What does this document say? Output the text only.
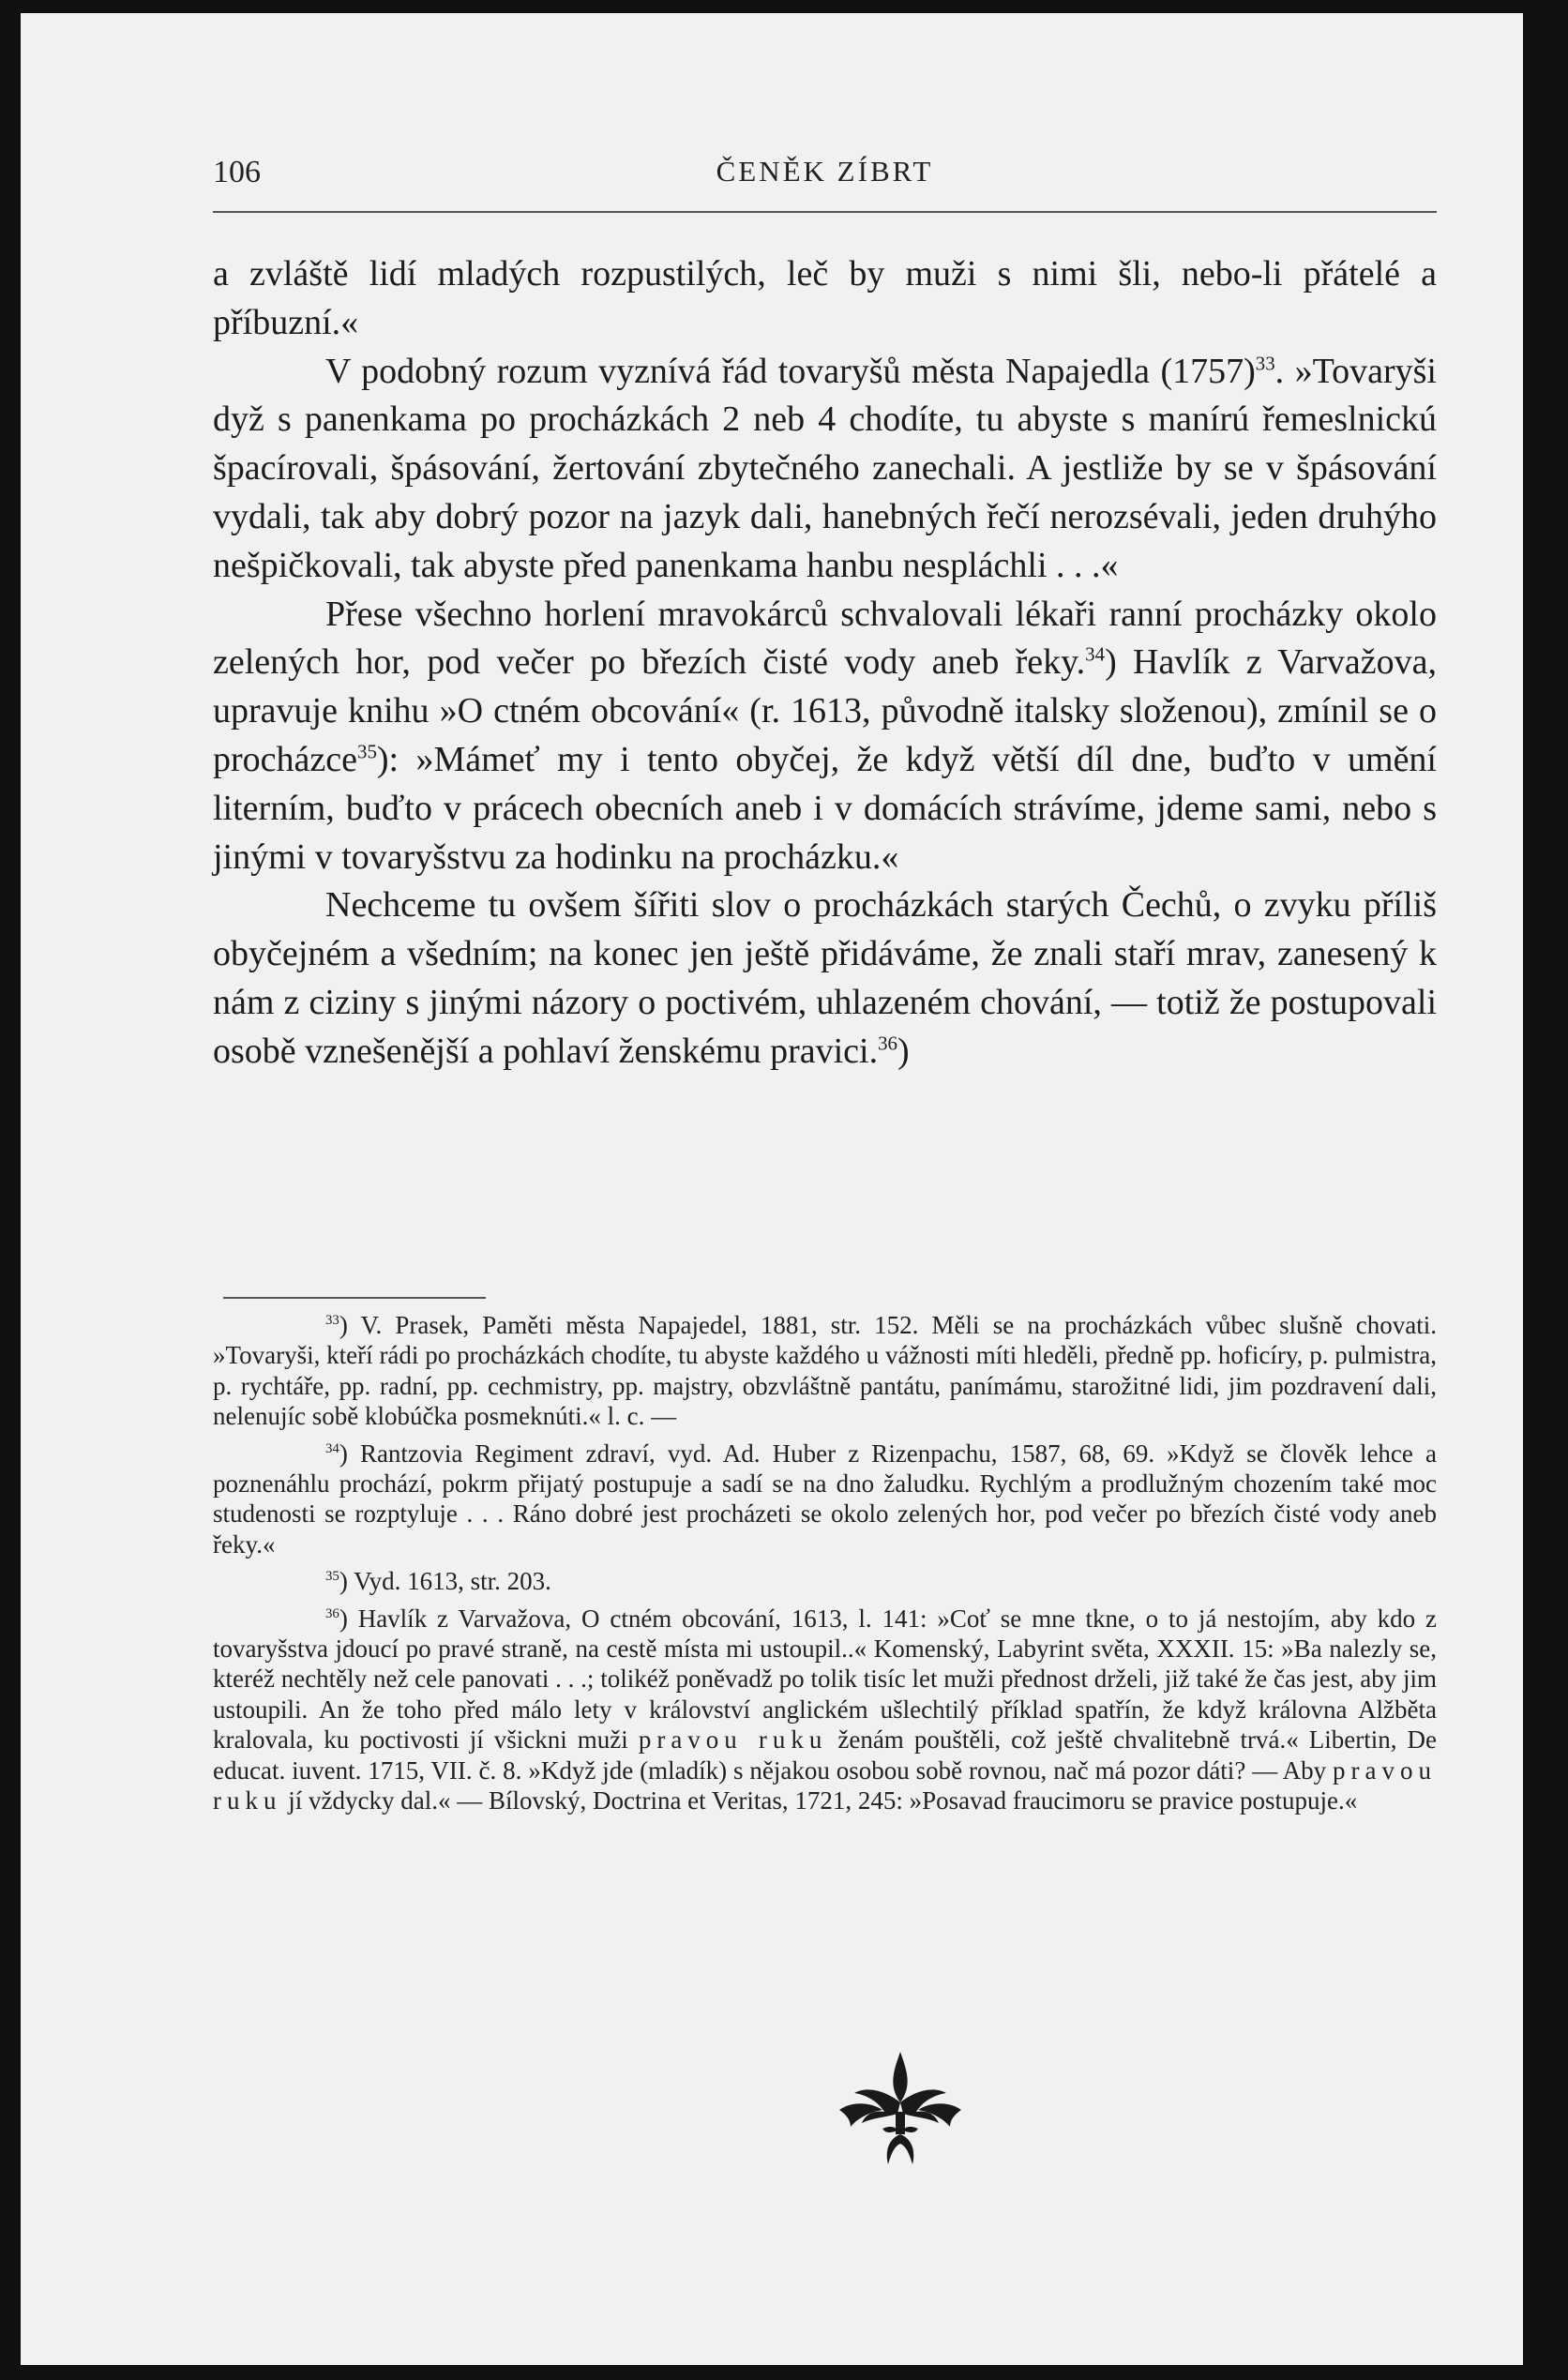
106	ČENĚK ZÍBRT

a zvláště lidí mladých rozpustilých, leč by muži s nimi šli, nebo-li přátelé a příbuzní.«

V podobný rozum vyznívá řád tovaryšů města Napajedla $(1757)^{33}$. »Tovaryši dyž s panenkama po procházkách 2 neb 4 chodíte, tu abyste s manírú řemeslnickú špacírovali, špásování, žertování zbytečného zanechali. A jestliže by se v špásování vydali, tak aby dobrý pozor na jazyk dali, hanebných řečí nerozsévali, jeden druhýho nešpičkovali, tak abyste před panenkama hanbu nespláchli . . .«

Přese všechno horlení mravokárců schvalovali lékaři ranní procházky okolo zelených hor, pod večer po březích čisté vody aneb řeky.$^{34}$) Havlík z Varvažova, upravuje knihu »O ctném obcování« (r. 1613, původně italsky složenou), zmínil se o procházce$^{35}$): »Mámeť my i tento obyčej, že když větší díl dne, buďto v umění literním, buďto v prácech obecních aneb i v domácích strávíme, jdeme sami, nebo s jinými v tovaryšstvu za hodinku na procházku.«

Nechceme tu ovšem šířiti slov o procházkách starých Čechů, o zvyku příliš obyčejném a všedním; na konec jen ještě přidáváme, že znali staří mrav, zanesený k nám z ciziny s jinými názory o poctivém, uhlazeném chování, — totiž že postupovali osobě vznešenější a pohlaví ženskému pravici.$^{36}$)

$^{33}$) V. Prasek, Paměti města Napajedel, 1881, str. 152. Měli se na procházkách vůbec slušně chovati. »Tovaryši, kteří rádi po procházkách chodíte, tu abyste každého u vážnosti míti hleděli, předně pp. hoficíry, p. pulmistra, p. rychtáře, pp. radní, pp. cechmistry, pp. majstry, obzvláštně pantátu, panímámu, starožitné lidi, jim pozdravení dali, nelenujíc sobě klobúčka posmeknúti.« l. c. —

$^{34}$) Rantzovia Regiment zdraví, vyd. Ad. Huber z Rizenpachu, 1587, 68, 69. »Když se člověk lehce a poznenáhlu prochází, pokrm přijatý postupuje a sadí se na dno žaludku. Rychlým a prodlužným chozením také moc studenosti se rozptyluje . . . Ráno dobré jest procházeti se okolo zelených hor, pod večer po březích čisté vody aneb řeky.«

$^{35}$) Vyd. 1613, str. 203.

$^{36}$) Havlík z Varvažova, O ctném obcování, 1613, l. 141: »Coť se mne tkne, o to já nestojím, aby kdo z tovaryšstva jdoucí po pravé straně, na cestě místa mi ustoupil..« Komenský, Labyrint světa, XXXII. 15: »Ba nalezly se, kteréž nechtěly než cele panovati . . .; tolikéž poněvadž po tolik tisíc let muži přednost drželi, již také že čas jest, aby jim ustoupili. An že toho před málo lety v království anglickém ušlechtilý příklad spatřín, že když královna Alžběta kralovala, ku poctivosti jí všickni muži pravou ruku ženám pouštěli, což ještě chvalitebně trvá.« Libertin, De educat. iuvent. 1715, VII. č. 8. »Když jde (mladík) s nějakou osobou sobě rovnou, nač má pozor dáti? — Aby pravou ruku jí vždycky dal.« — Bílovský, Doctrina et Veritas, 1721, 245: »Posavad fraucimoru se pravice postupuje.«
